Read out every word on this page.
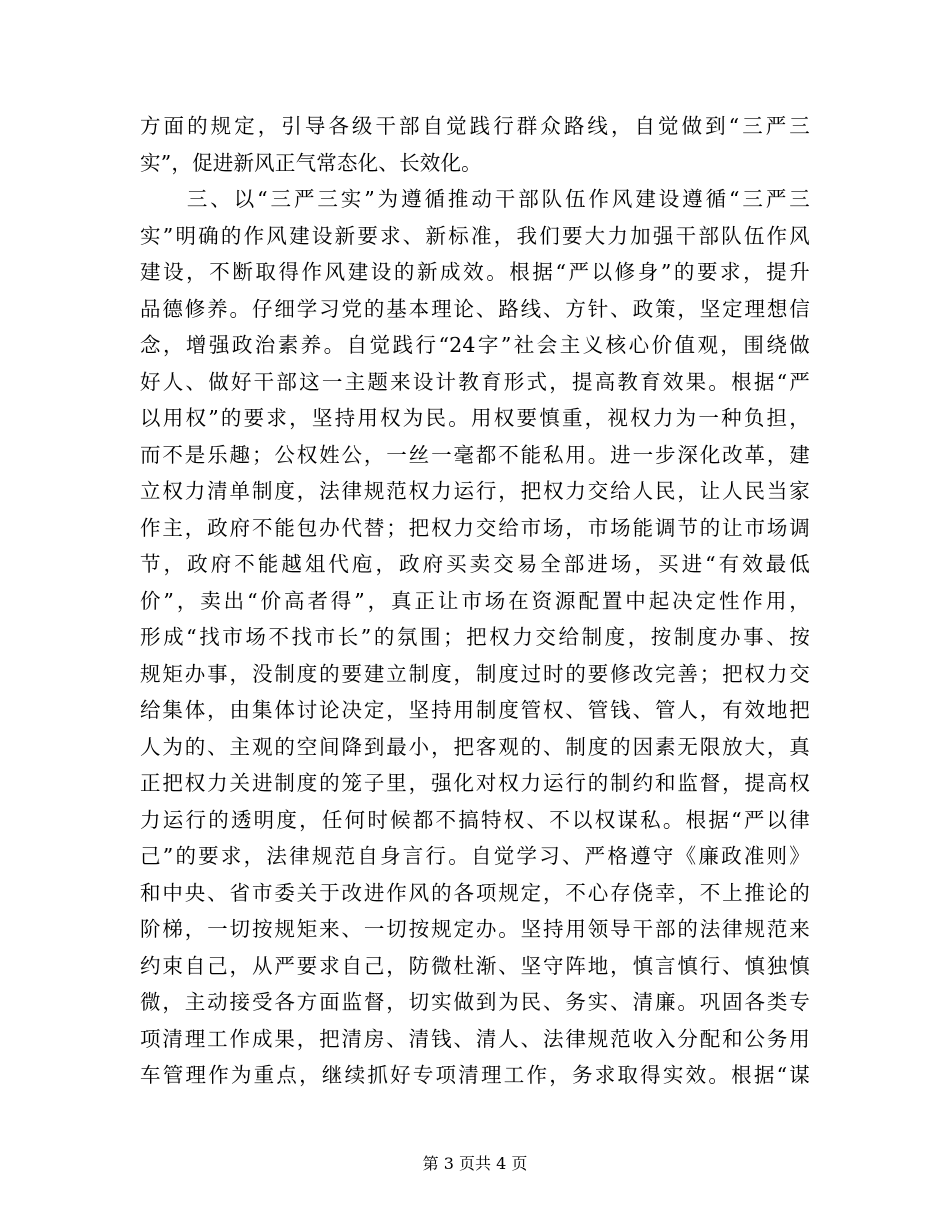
方面的规定，引导各级干部自觉践行群众路线，自觉做到“三严三
实”，促进新风正气常态化、长效化。
　　三、以“三严三实”为遵循推动干部队伍作风建设遵循“三严三
实”明确的作风建设新要求、新标准，我们要大力加强干部队伍作风
建设，不断取得作风建设的新成效。根据“严以修身”的要求，提升
品德修养。仔细学习党的基本理论、路线、方针、政策，坚定理想信
念，增强政治素养。自觉践行“24字”社会主义核心价值观，围绕做
好人、做好干部这一主题来设计教育形式，提高教育效果。根据“严
以用权”的要求，坚持用权为民。用权要慎重，视权力为一种负担，
而不是乐趣；公权姓公，一丝一毫都不能私用。进一步深化改革，建
立权力清单制度，法律规范权力运行，把权力交给人民，让人民当家
作主，政府不能包办代替；把权力交给市场，市场能调节的让市场调
节，政府不能越俎代庖，政府买卖交易全部进场，买进“有效最低
价”，卖出“价高者得”，真正让市场在资源配置中起决定性作用，
形成“找市场不找市长”的氛围；把权力交给制度，按制度办事、按
规矩办事，没制度的要建立制度，制度过时的要修改完善；把权力交
给集体，由集体讨论决定，坚持用制度管权、管钱、管人，有效地把
人为的、主观的空间降到最小，把客观的、制度的因素无限放大，真
正把权力关进制度的笼子里，强化对权力运行的制约和监督，提高权
力运行的透明度，任何时候都不搞特权、不以权谋私。根据“严以律
己”的要求，法律规范自身言行。自觉学习、严格遵守《廉政准则》
和中央、省市委关于改进作风的各项规定，不心存侥幸，不上推论的
阶梯，一切按规矩来、一切按规定办。坚持用领导干部的法律规范来
约束自己，从严要求自己，防微杜渐、坚守阵地，慎言慎行、慎独慎
微，主动接受各方面监督，切实做到为民、务实、清廉。巩固各类专
项清理工作成果，把清房、清钱、清人、法律规范收入分配和公务用
车管理作为重点，继续抓好专项清理工作，务求取得实效。根据“谋
第 3 页共 4 页
